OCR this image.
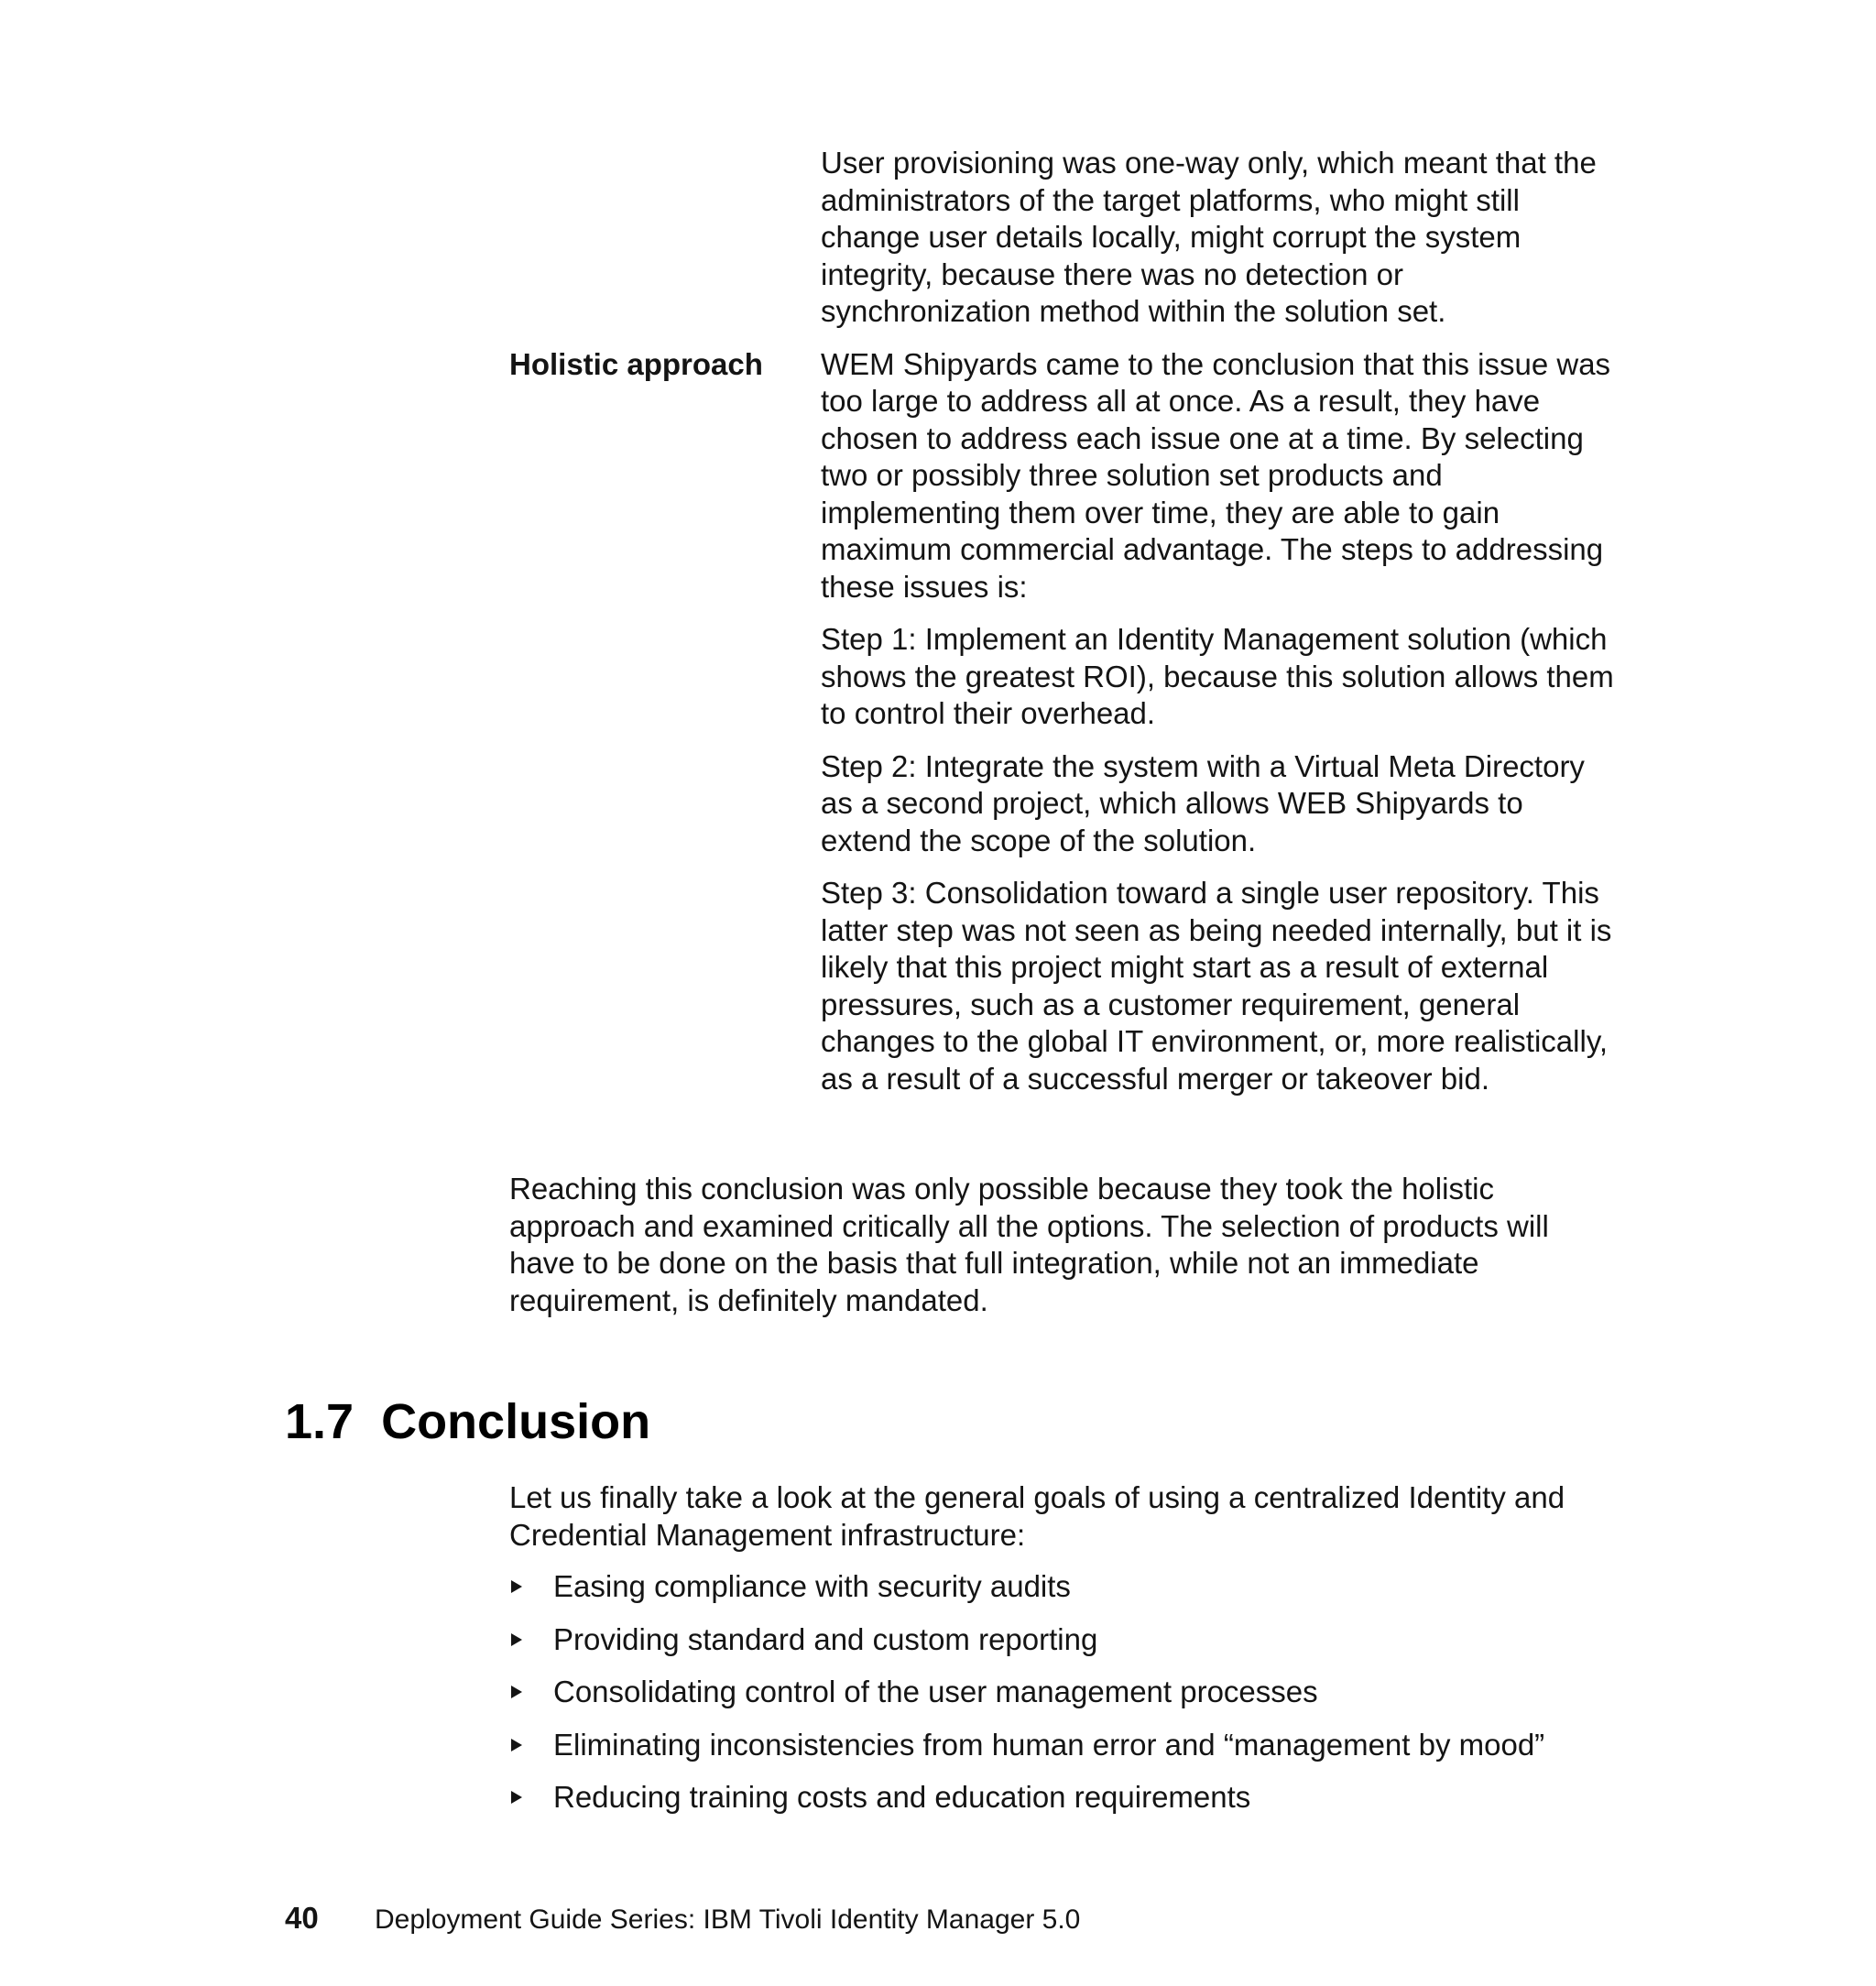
User provisioning was one-way only, which meant that the administrators of the target platforms, who might still change user details locally, might corrupt the system integrity, because there was no detection or synchronization method within the solution set.

Holistic approach	WEM Shipyards came to the conclusion that this issue was too large to address all at once. As a result, they have chosen to address each issue one at a time. By selecting two or possibly three solution set products and implementing them over time, they are able to gain maximum commercial advantage. The steps to addressing these issues is:

Step 1: Implement an Identity Management solution (which shows the greatest ROI), because this solution allows them to control their overhead.

Step 2: Integrate the system with a Virtual Meta Directory as a second project, which allows WEB Shipyards to extend the scope of the solution.

Step 3: Consolidation toward a single user repository. This latter step was not seen as being needed internally, but it is likely that this project might start as a result of external pressures, such as a customer requirement, general changes to the global IT environment, or, more realistically, as a result of a successful merger or takeover bid.

Reaching this conclusion was only possible because they took the holistic approach and examined critically all the options. The selection of products will have to be done on the basis that full integration, while not an immediate requirement, is definitely mandated.

1.7 Conclusion

Let us finally take a look at the general goals of using a centralized Identity and Credential Management infrastructure:

Easing compliance with security audits
Providing standard and custom reporting
Consolidating control of the user management processes
Eliminating inconsistencies from human error and “management by mood”
Reducing training costs and education requirements
40	Deployment Guide Series: IBM Tivoli Identity Manager 5.0
